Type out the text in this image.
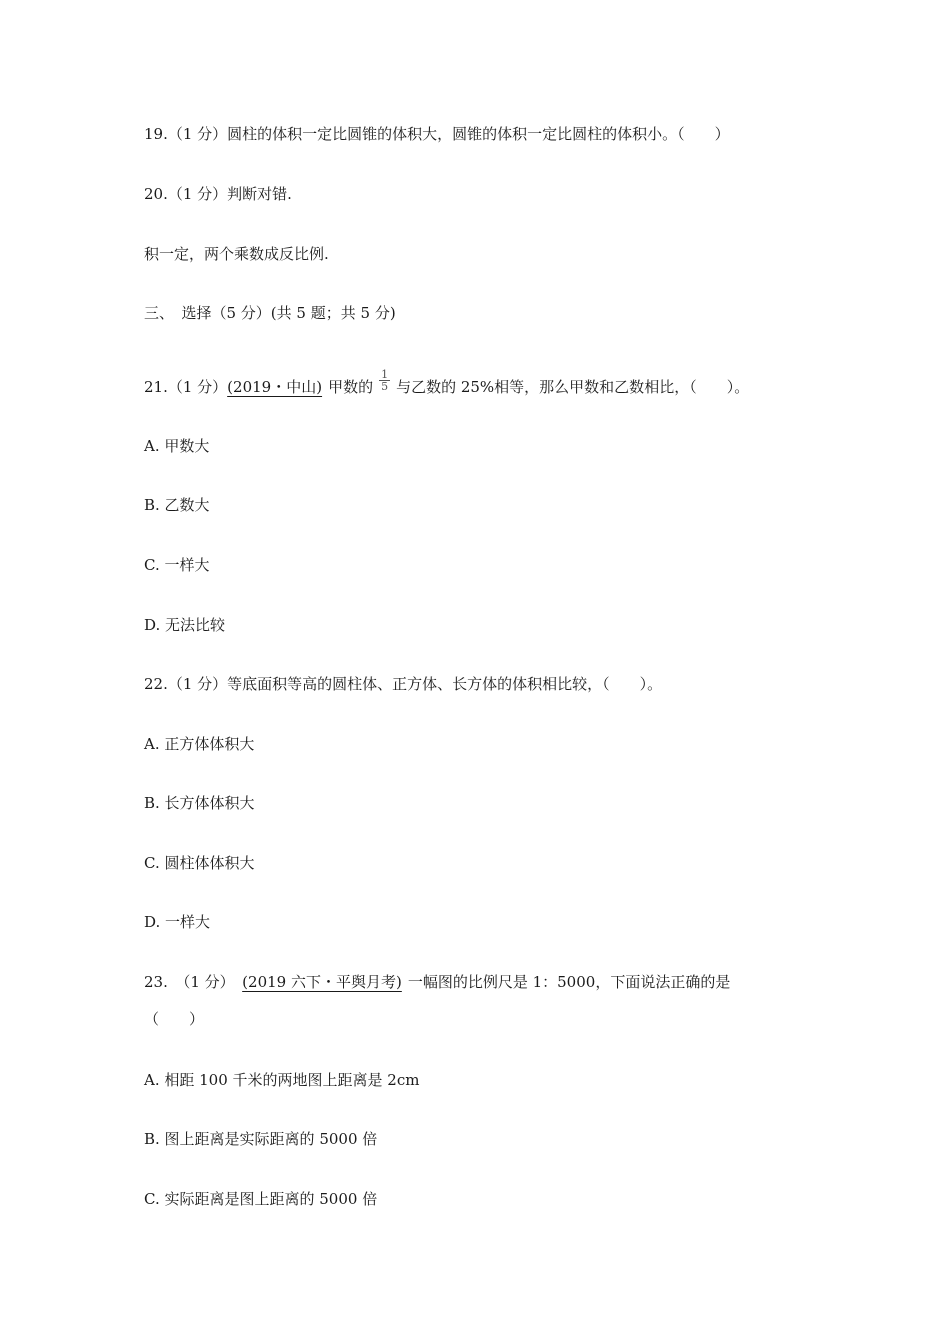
19.（1 分）圆柱的体积一定比圆锥的体积大，圆锥的体积一定比圆柱的体积小。（　　）
20.（1 分）判断对错.
积一定，两个乘数成反比例.
三、　选择（5 分）(共 5 题；共 5 分)
21.（1 分）(2019・中山) 甲数的 $\frac{1}{5}$ 与乙数的 25%相等，那么甲数和乙数相比，（　　）。
A. 甲数大
B. 乙数大
C. 一样大
D. 无法比较
22.（1 分）等底面积等高的圆柱体、正方体、长方体的体积相比较，（　　）。
A. 正方体体积大
B. 长方体体积大
C. 圆柱体体积大
D. 一样大
23.　（1 分）　(2019 六下・平舆月考) 一幅图的比例尺是 1：5000，下面说法正确的是
（　　）
A. 相距 100 千米的两地图上距离是 2cm
B. 图上距离是实际距离的 5000 倍
C. 实际距离是图上距离的 5000 倍
